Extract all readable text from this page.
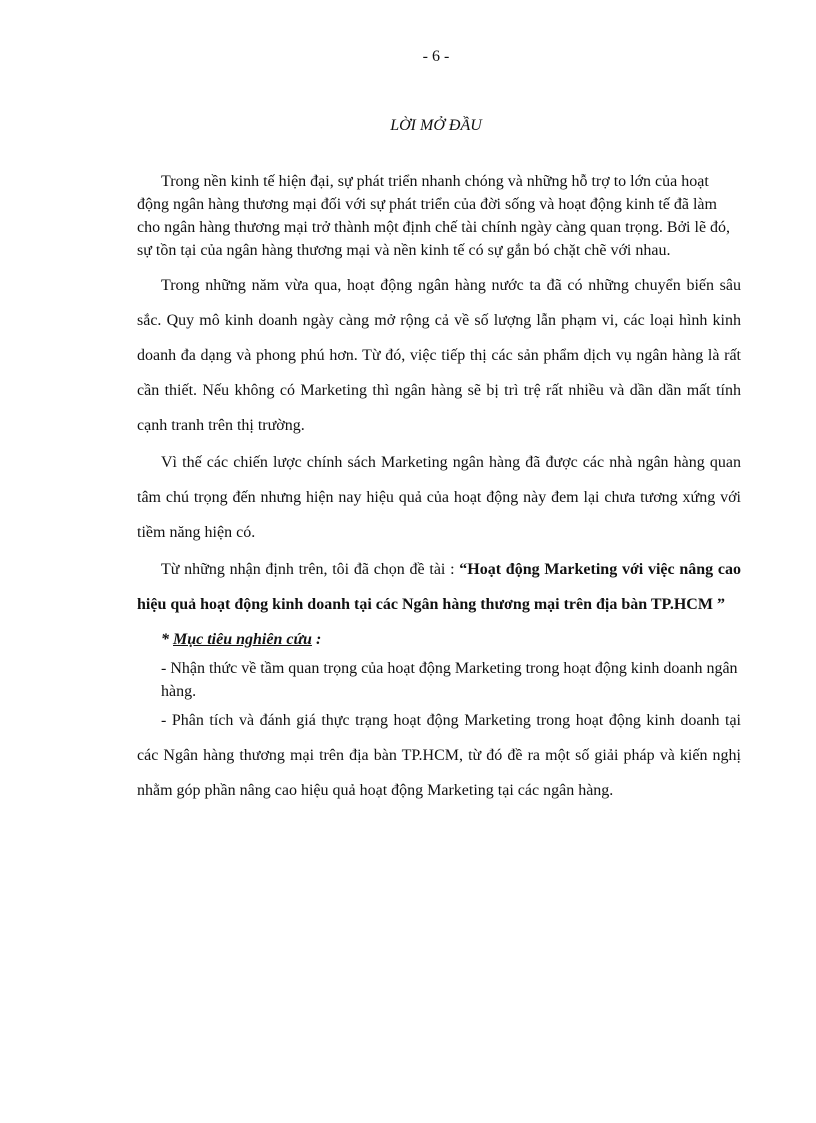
- 6 -
LỜI MỞ ĐẦU

Trong nền kinh tế hiện đại, sự phát triển nhanh chóng và những hỗ trợ to lớn của hoạt động ngân hàng thương mại đối với sự phát triển của đời sống và hoạt động kinh tế đã làm cho ngân hàng thương mại trở thành một định chế tài chính ngày càng quan trọng. Bởi lẽ đó, sự tồn tại của ngân hàng thương mại và nền kinh tế có sự gắn bó chặt chẽ với nhau.

Trong những năm vừa qua, hoạt động ngân hàng nước ta đã có những chuyển biến sâu sắc. Quy mô kinh doanh ngày càng mở rộng cả về số lượng lẫn phạm vi, các loại hình kinh doanh đa dạng và phong phú hơn. Từ đó, việc tiếp thị các sản phẩm dịch vụ ngân hàng là rất cần thiết. Nếu không có Marketing thì ngân hàng sẽ bị trì trệ rất nhiều và dần dần mất tính cạnh tranh trên thị trường.

Vì thế các chiến lược chính sách Marketing ngân hàng đã được các nhà ngân hàng quan tâm chú trọng đến nhưng hiện nay hiệu quả của hoạt động này đem lại chưa tương xứng với tiềm năng hiện có.

Từ những nhận định trên, tôi đã chọn đề tài : “Hoạt động Marketing với việc nâng cao hiệu quả hoạt động kinh doanh tại các Ngân hàng thương mại trên địa bàn TP.HCM ”

* Mục tiêu nghiên cứu :

- Nhận thức về tầm quan trọng của hoạt động Marketing trong hoạt động kinh doanh ngân hàng.

- Phân tích và đánh giá thực trạng hoạt động Marketing trong hoạt động kinh doanh tại các Ngân hàng thương mại trên địa bàn TP.HCM, từ đó đề ra một số giải pháp và kiến nghị nhằm góp phần nâng cao hiệu quả hoạt động Marketing tại các ngân hàng.
